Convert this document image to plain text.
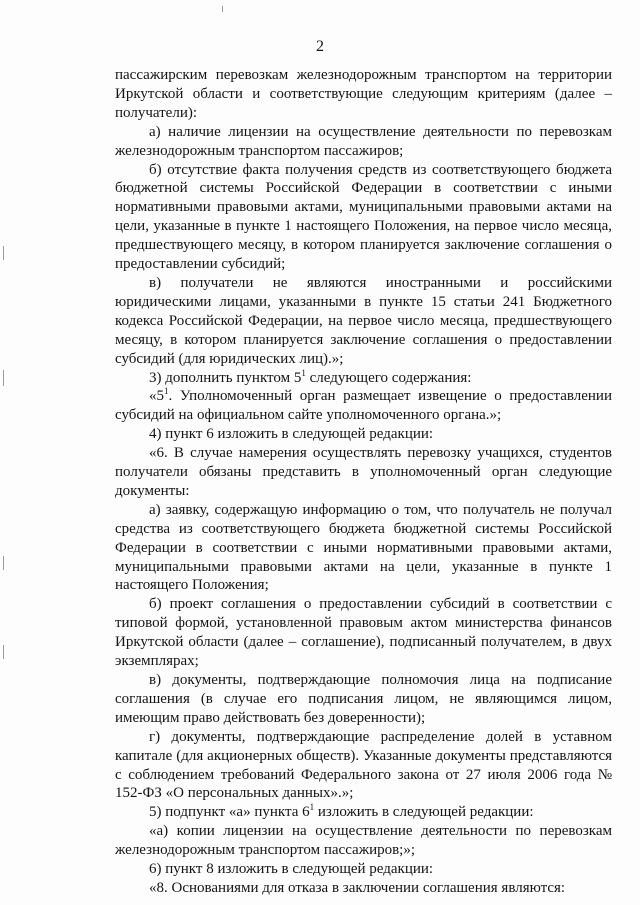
2

пассажирским перевозкам железнодорожным транспортом на территории Иркутской области и соответствующие следующим критериям (далее – получатели):

а) наличие лицензии на осуществление деятельности по перевозкам железнодорожным транспортом пассажиров;

б) отсутствие факта получения средств из соответствующего бюджета бюджетной системы Российской Федерации в соответствии с иными нормативными правовыми актами, муниципальными правовыми актами на цели, указанные в пункте 1 настоящего Положения, на первое число месяца, предшествующего месяцу, в котором планируется заключение соглашения о предоставлении субсидий;

в) получатели не являются иностранными и российскими юридическими лицами, указанными в пункте 15 статьи 241 Бюджетного кодекса Российской Федерации, на первое число месяца, предшествующего месяцу, в котором планируется заключение соглашения о предоставлении субсидий (для юридических лиц).»;

3) дополнить пунктом $5^1$ следующего содержания:

«$5^1$. Уполномоченный орган размещает извещение о предоставлении субсидий на официальном сайте уполномоченного органа.»;

4) пункт 6 изложить в следующей редакции:

«6. В случае намерения осуществлять перевозку учащихся, студентов получатели обязаны представить в уполномоченный орган следующие документы:

а) заявку, содержащую информацию о том, что получатель не получал средства из соответствующего бюджета бюджетной системы Российской Федерации в соответствии с иными нормативными правовыми актами, муниципальными правовыми актами на цели, указанные в пункте 1 настоящего Положения;

б) проект соглашения о предоставлении субсидий в соответствии с типовой формой, установленной правовым актом министерства финансов Иркутской области (далее – соглашение), подписанный получателем, в двух экземплярах;

в) документы, подтверждающие полномочия лица на подписание соглашения (в случае его подписания лицом, не являющимся лицом, имеющим право действовать без доверенности);

г) документы, подтверждающие распределение долей в уставном капитале (для акционерных обществ). Указанные документы представляются с соблюдением требований Федерального закона от 27 июля 2006 года № 152-ФЗ «О персональных данных».»;

5) подпункт «а» пункта $6^1$ изложить в следующей редакции:

«а) копии лицензии на осуществление деятельности по перевозкам железнодорожным транспортом пассажиров;»;

6) пункт 8 изложить в следующей редакции:

«8. Основаниями для отказа в заключении соглашения являются:
